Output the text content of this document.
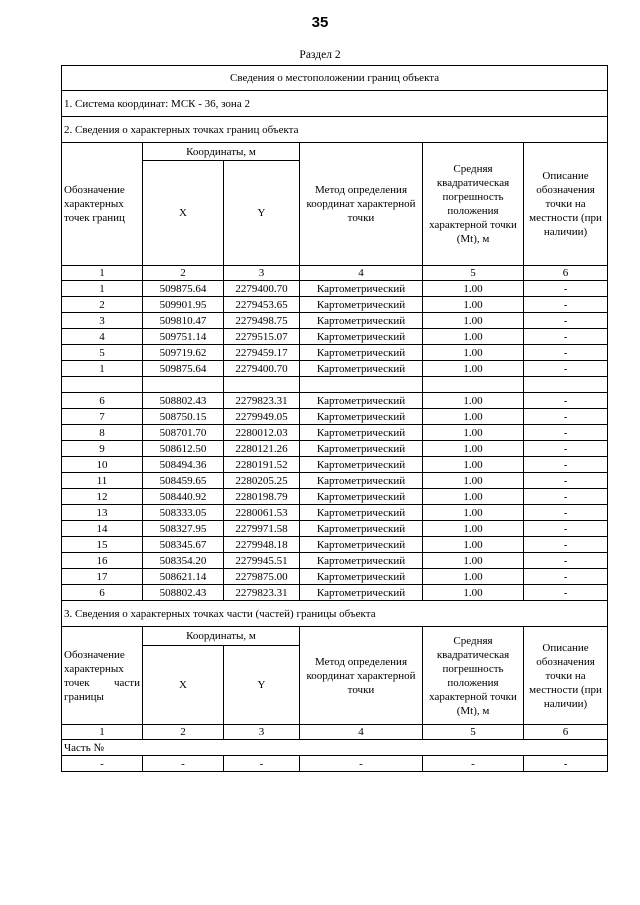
35
Раздел 2
Сведения о местоположении границ объекта					
1. Система координат: МСК - 36, зона 2					
2. Сведения о характерных точках границ объекта					
Обозначение характерных точек границ	Координаты, м		Метод определения координат характерной точки	Средняя квадратическая погрешность положения характерной точки (Mt), м	Описание обозначения точки на местности (при наличии)
	X	Y			
1	2	3	4	5	6
1	509875.64	2279400.70	Картометрический	1.00	-
2	509901.95	2279453.65	Картометрический	1.00	-
3	509810.47	2279498.75	Картометрический	1.00	-
4	509751.14	2279515.07	Картометрический	1.00	-
5	509719.62	2279459.17	Картометрический	1.00	-
1	509875.64	2279400.70	Картометрический	1.00	-

6	508802.43	2279823.31	Картометрический	1.00	-
7	508750.15	2279949.05	Картометрический	1.00	-
8	508701.70	2280012.03	Картометрический	1.00	-
9	508612.50	2280121.26	Картометрический	1.00	-
10	508494.36	2280191.52	Картометрический	1.00	-
11	508459.65	2280205.25	Картометрический	1.00	-
12	508440.92	2280198.79	Картометрический	1.00	-
13	508333.05	2280061.53	Картометрический	1.00	-
14	508327.95	2279971.58	Картометрический	1.00	-
15	508345.67	2279948.18	Картометрический	1.00	-
16	508354.20	2279945.51	Картометрический	1.00	-
17	508621.14	2279875.00	Картометрический	1.00	-
6	508802.43	2279823.31	Картометрический	1.00	-
3. Сведения о характерных точках части (частей) границы объекта					
Обозначение характерных точек части границы	Координаты, м		Метод определения координат характерной точки	Средняя квадратическая погрешность положения характерной точки (Mt), м	Описание обозначения точки на местности (при наличии)
	X	Y			
1	2	3	4	5	6
Часть №					
-	-	-	-	-	-
